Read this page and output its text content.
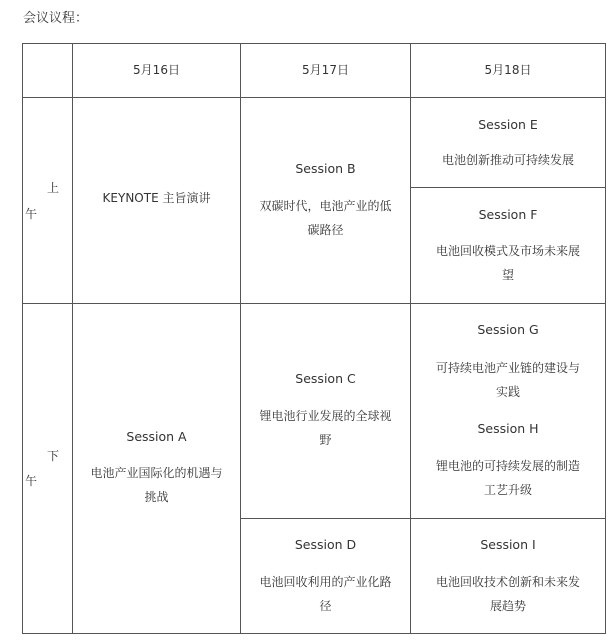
会议议程：
5月16日	5月17日	5月18日
上
午
KEYNOTE 主旨演讲
Session B
双碳时代，电池产业的低
碳路径
Session E
电池创新推动可持续发展
Session F
电池回收模式及市场未来展
望
下
午
Session A
电池产业国际化的机遇与
挑战
Session C
锂电池行业发展的全球视
野
Session G
可持续电池产业链的建设与
实践
Session H
锂电池的可持续发展的制造
工艺升级
Session D
电池回收利用的产业化路
径
Session I
电池回收技术创新和未来发
展趋势
